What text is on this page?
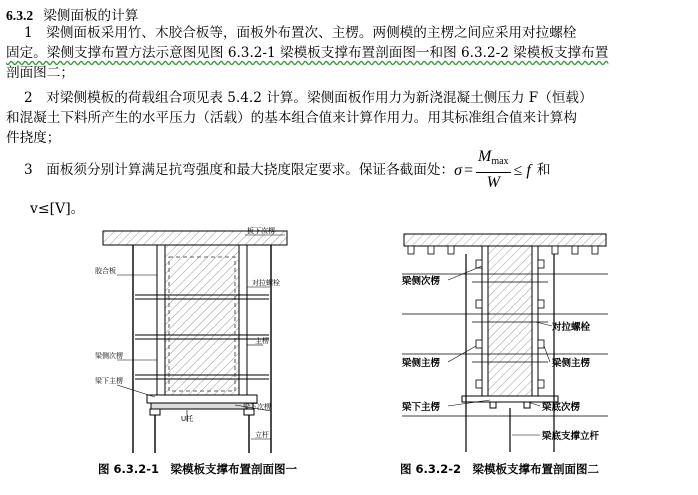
6.3.2 梁侧面板的计算
1　梁侧面板采用竹、木胶合板等，面板外布置次、主楞。两侧模的主楞之间应采用对拉螺栓
固定。梁侧支撑布置方法示意图见图 6.3.2-1 梁模板支撑布置剖面图一和图 6.3.2-2 梁模板支撑布置
剖面图二；
2　对梁侧模板的荷载组合项见表 5.4.2 计算。梁侧面板作用力为新浇混凝土侧压力 F（恒载）
和混凝土下料所产生的水平压力（活载）的基本组合值来计算作用力。用其标准组合值来计算构
件挠度；
3　面板须分别计算满足抗弯强度和最大挠度限定要求。保证各截面处： $\sigma = \frac{M_{max}}{W} \le f$ 和
v≤[V]。
板下次楞
胶合板
对拉螺栓
梁侧次楞
主楞
梁下主楞
梁下次楞
U托
立杆
图 6.3.2-1　梁模板支撑布置剖面图一
梁侧次楞
对拉螺栓
梁侧主楞	梁侧主楞
梁下主楞	梁底次楞
梁底支撑立杆
图 6.3.2-2　梁模板支撑布置剖面图二
